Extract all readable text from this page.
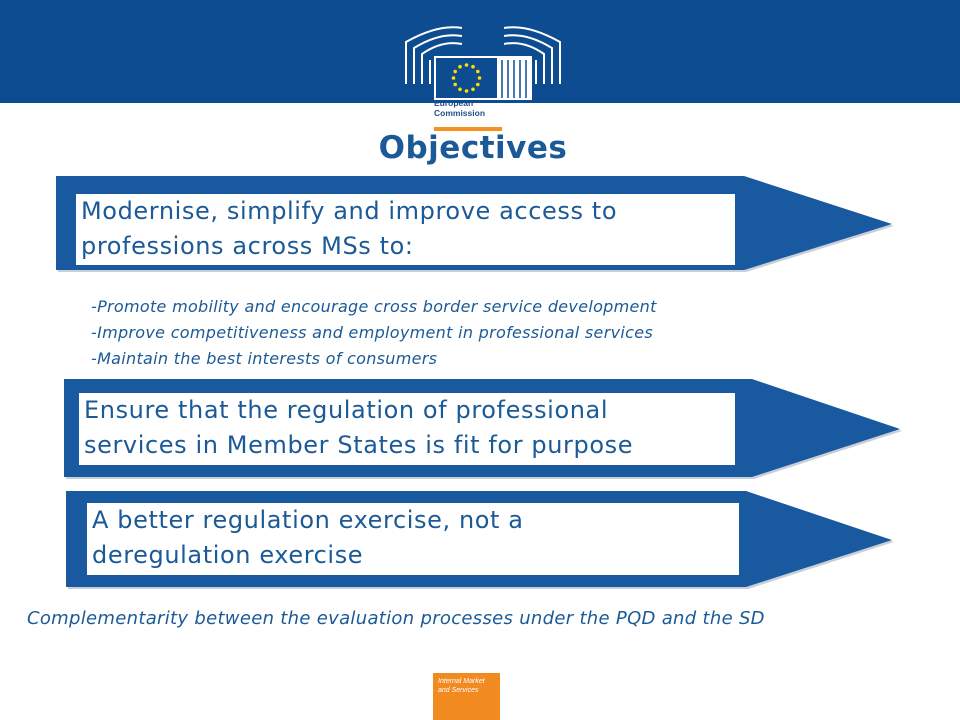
European
Commission
Objectives
Modernise, simplify and improve access to
professions across MSs to:
-Promote mobility and encourage cross border service development
-Improve competitiveness and employment in professional services
-Maintain the best interests of consumers
Ensure that the regulation of professional
services in Member States is fit for purpose
A better regulation exercise, not a
deregulation exercise

Complementarity between the evaluation processes under the PQD and the SD

Internal Market
and Services
